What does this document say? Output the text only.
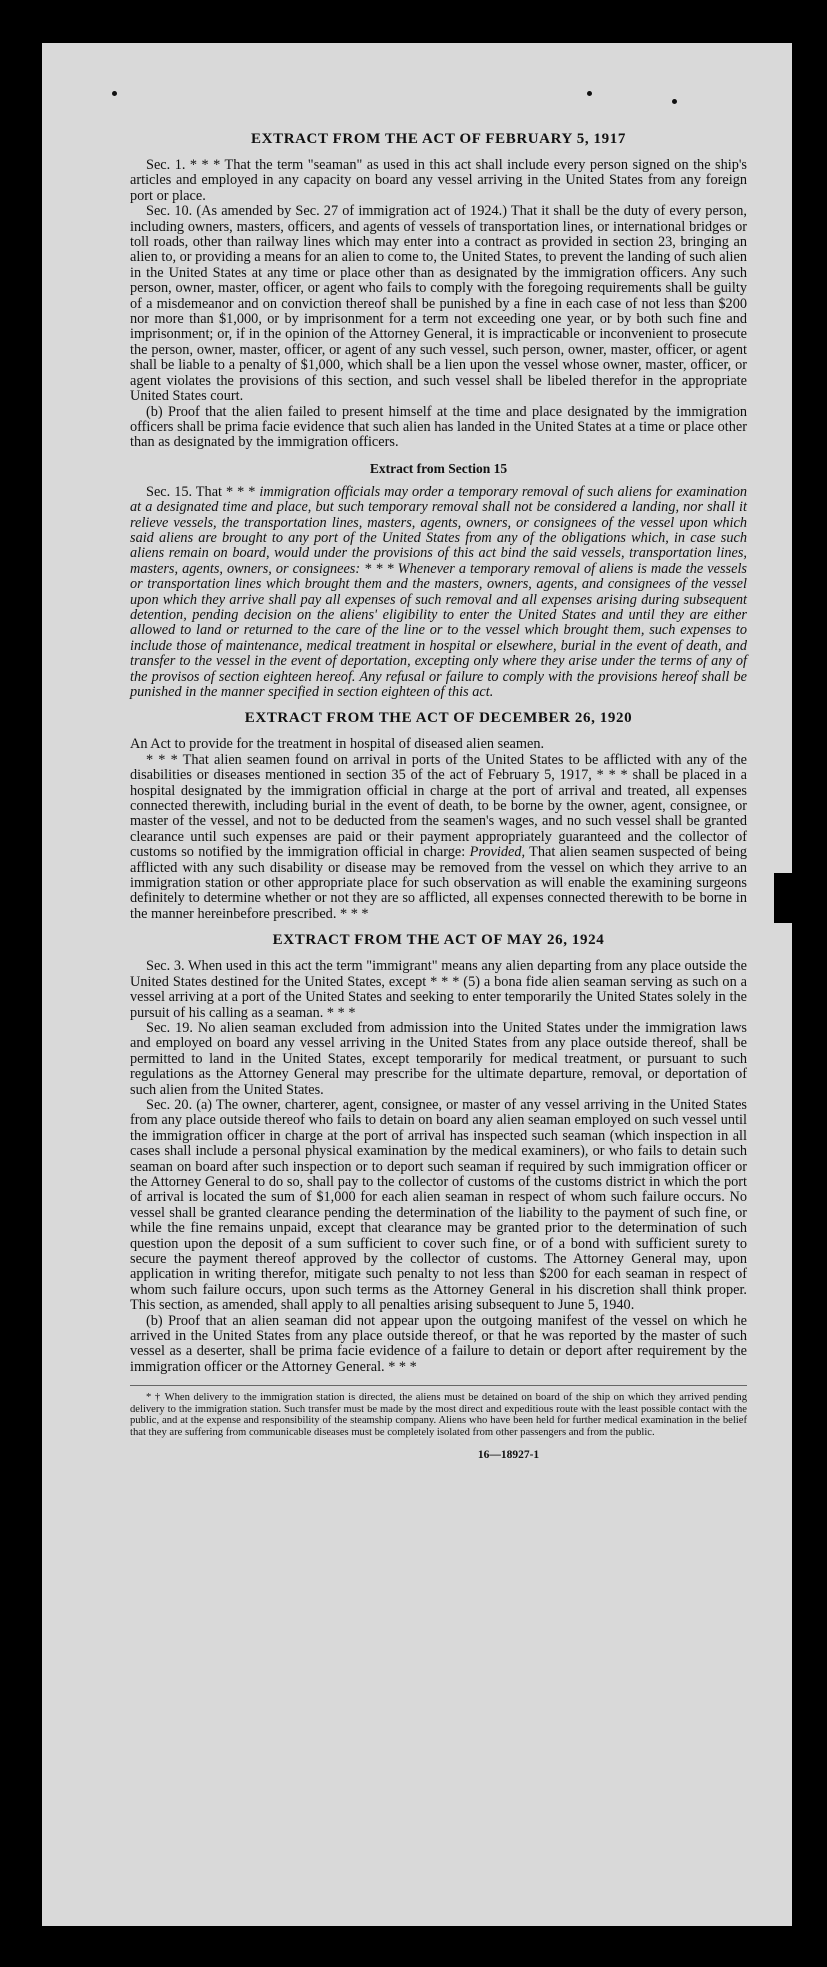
EXTRACT FROM THE ACT OF FEBRUARY 5, 1917

Sec. 1. * * * That the term "seaman" as used in this act shall include every person signed on the ship's articles and employed in any capacity on board any vessel arriving in the United States from any foreign port or place.

Sec. 10. (As amended by Sec. 27 of immigration act of 1924.) That it shall be the duty of every person, including owners, masters, officers, and agents of vessels of transportation lines, or international bridges or toll roads, other than railway lines which may enter into a contract as provided in section 23, bringing an alien to, or providing a means for an alien to come to, the United States, to prevent the landing of such alien in the United States at any time or place other than as designated by the immigration officers. Any such person, owner, master, officer, or agent who fails to comply with the foregoing requirements shall be guilty of a misdemeanor and on conviction thereof shall be punished by a fine in each case of not less than $200 nor more than $1,000, or by imprisonment for a term not exceeding one year, or by both such fine and imprisonment; or, if in the opinion of the Attorney General, it is impracticable or inconvenient to prosecute the person, owner, master, officer, or agent of any such vessel, such person, owner, master, officer, or agent shall be liable to a penalty of $1,000, which shall be a lien upon the vessel whose owner, master, officer, or agent violates the provisions of this section, and such vessel shall be libeled therefor in the appropriate United States court.

(b) Proof that the alien failed to present himself at the time and place designated by the immigration officers shall be prima facie evidence that such alien has landed in the United States at a time or place other than as designated by the immigration officers.

Extract from Section 15

Sec. 15. That * * * immigration officials may order a temporary removal of such aliens for examination at a designated time and place, but such temporary removal shall not be considered a landing, nor shall it relieve vessels, the transportation lines, masters, agents, owners, or consignees of the vessel upon which said aliens are brought to any port of the United States from any of the obligations which, in case such aliens remain on board, would under the provisions of this act bind the said vessels, transportation lines, masters, agents, owners, or consignees: * * * Whenever a temporary removal of aliens is made the vessels or transportation lines which brought them and the masters, owners, agents, and consignees of the vessel upon which they arrive shall pay all expenses of such removal and all expenses arising during subsequent detention, pending decision on the aliens' eligibility to enter the United States and until they are either allowed to land or returned to the care of the line or to the vessel which brought them, such expenses to include those of maintenance, medical treatment in hospital or elsewhere, burial in the event of death, and transfer to the vessel in the event of deportation, excepting only where they arise under the terms of any of the provisos of section eighteen hereof. Any refusal or failure to comply with the provisions hereof shall be punished in the manner specified in section eighteen of this act.

EXTRACT FROM THE ACT OF DECEMBER 26, 1920

An Act to provide for the treatment in hospital of diseased alien seamen.

* * * That alien seamen found on arrival in ports of the United States to be afflicted with any of the disabilities or diseases mentioned in section 35 of the act of February 5, 1917, * * * shall be placed in a hospital designated by the immigration official in charge at the port of arrival and treated, all expenses connected therewith, including burial in the event of death, to be borne by the owner, agent, consignee, or master of the vessel, and not to be deducted from the seamen's wages, and no such vessel shall be granted clearance until such expenses are paid or their payment appropriately guaranteed and the collector of customs so notified by the immigration official in charge: Provided, That alien seamen suspected of being afflicted with any such disability or disease may be removed from the vessel on which they arrive to an immigration station or other appropriate place for such observation as will enable the examining surgeons definitely to determine whether or not they are so afflicted, all expenses connected therewith to be borne in the manner hereinbefore prescribed. * * *

EXTRACT FROM THE ACT OF MAY 26, 1924

Sec. 3. When used in this act the term "immigrant" means any alien departing from any place outside the United States destined for the United States, except * * * (5) a bona fide alien seaman serving as such on a vessel arriving at a port of the United States and seeking to enter temporarily the United States solely in the pursuit of his calling as a seaman. * * *

Sec. 19. No alien seaman excluded from admission into the United States under the immigration laws and employed on board any vessel arriving in the United States from any place outside thereof, shall be permitted to land in the United States, except temporarily for medical treatment, or pursuant to such regulations as the Attorney General may prescribe for the ultimate departure, removal, or deportation of such alien from the United States.

Sec. 20. (a) The owner, charterer, agent, consignee, or master of any vessel arriving in the United States from any place outside thereof who fails to detain on board any alien seaman employed on such vessel until the immigration officer in charge at the port of arrival has inspected such seaman (which inspection in all cases shall include a personal physical examination by the medical examiners), or who fails to detain such seaman on board after such inspection or to deport such seaman if required by such immigration officer or the Attorney General to do so, shall pay to the collector of customs of the customs district in which the port of arrival is located the sum of $1,000 for each alien seaman in respect of whom such failure occurs. No vessel shall be granted clearance pending the determination of the liability to the payment of such fine, or while the fine remains unpaid, except that clearance may be granted prior to the determination of such question upon the deposit of a sum sufficient to cover such fine, or of a bond with sufficient surety to secure the payment thereof approved by the collector of customs. The Attorney General may, upon application in writing therefor, mitigate such penalty to not less than $200 for each seaman in respect of whom such failure occurs, upon such terms as the Attorney General in his discretion shall think proper. This section, as amended, shall apply to all penalties arising subsequent to June 5, 1940.

(b) Proof that an alien seaman did not appear upon the outgoing manifest of the vessel on which he arrived in the United States from any place outside thereof, or that he was reported by the master of such vessel as a deserter, shall be prima facie evidence of a failure to detain or deport after requirement by the immigration officer or the Attorney General. * * *

* † When delivery to the immigration station is directed, the aliens must be detained on board of the ship on which they arrived pending delivery to the immigration station. Such transfer must be made by the most direct and expeditious route with the least possible contact with the public, and at the expense and responsibility of the steamship company. Aliens who have been held for further medical examination in the belief that they are suffering from communicable diseases must be completely isolated from other passengers and from the public.

16—18927-1
